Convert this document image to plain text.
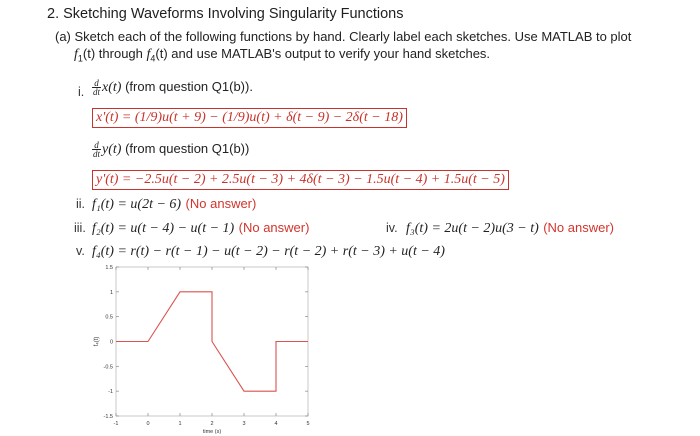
2. Sketching Waveforms Involving Singularity Functions
(a) Sketch each of the following functions by hand. Clearly label each sketches. Use MATLAB to plot
$f_1(t)$ through $f_4(t)$ and use MATLAB's output to verify your hand sketches.
i. $\frac{d}{dt} x(t)$ (from question Q1(b)).
x'(t) = (1/9)u(t + 9) − (1/9)u(t) + δ(t − 9) − 2δ(t − 18)
$\frac{d}{dt} y(t)$ (from question Q1(b))
y'(t) = −2.5u(t − 2) + 2.5u(t − 3) + 4δ(t − 3) − 1.5u(t − 4) + 1.5u(t − 5)
ii. f₁(t) = u(2t − 6) (No answer)
iii. f₂(t) = u(t − 4) − u(t − 1) (No answer)	iv. f₃(t) = 2u(t − 2)u(3 − t) (No answer)
v. f₄(t) = r(t) − r(t − 1) − u(t − 2) − r(t − 2) + r(t − 3) + u(t − 4)
-1	0	1	2	3	4	5
1.5
1
0.5
0
-0.5
-1
-1.5
time (s)
f₄(t)
